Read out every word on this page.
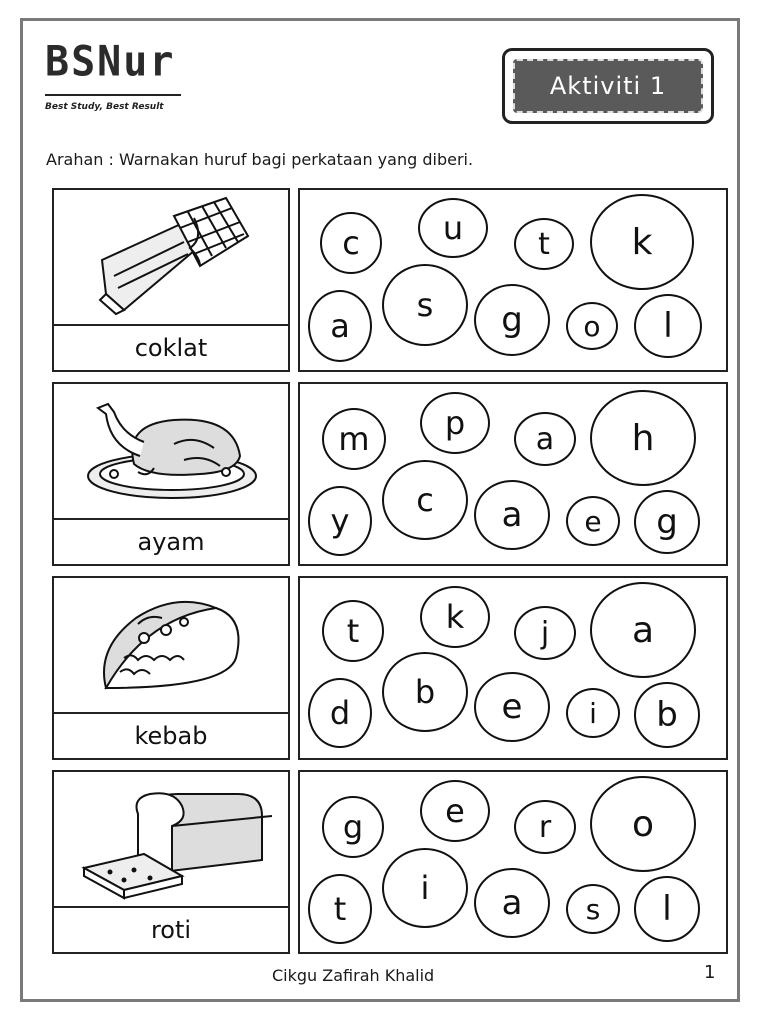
BSNur
Best Study, Best Result
Aktiviti 1
Arahan : Warnakan huruf bagi perkataan yang diberi.
coklat
c	u	t	k
a
s	g	o	l
ayam
m	p	a	h
y
c	a	e	g
kebab
t	k	j	a
d
b	e	i	b
roti
g	e	r	o
t
i	a	s	l
Cikgu Zafirah Khalid	1
